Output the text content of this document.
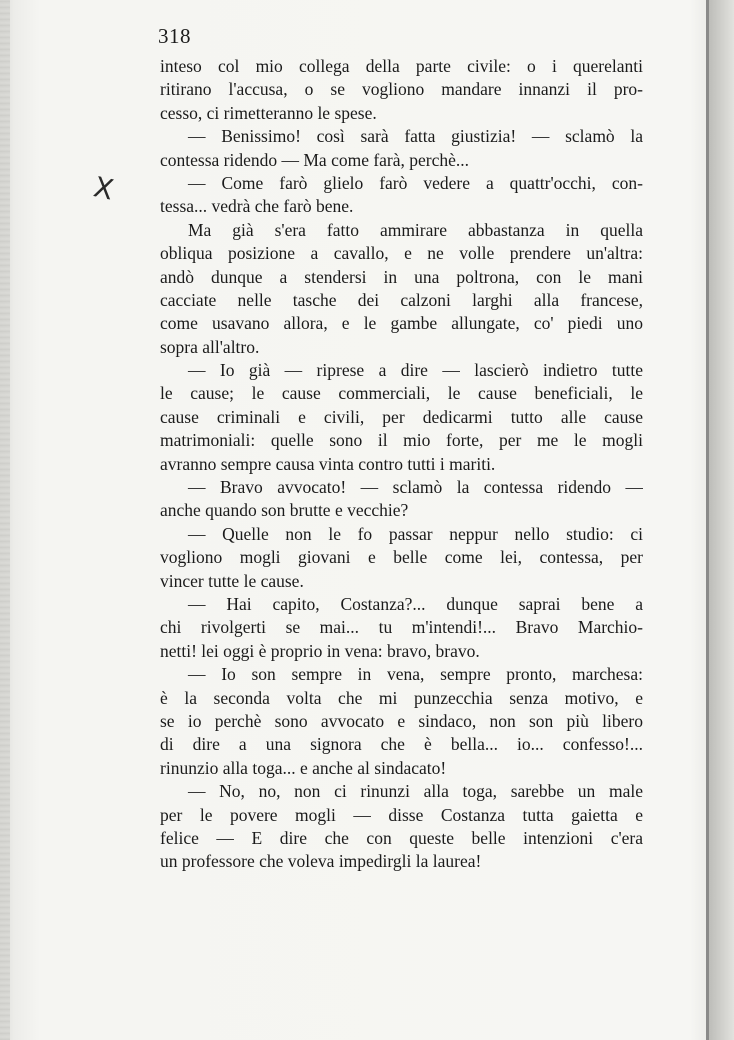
318
X
inteso col mio collega della parte civile: o i querelanti
ritirano l'accusa, o se vogliono mandare innanzi il pro-
cesso, ci rimetteranno le spese.
— Benissimo! così sarà fatta giustizia! — sclamò la
contessa ridendo — Ma come farà, perchè...
— Come farò glielo farò vedere a quattr'occhi, con-
tessa... vedrà che farò bene.
Ma già s'era fatto ammirare abbastanza in quella
obliqua posizione a cavallo, e ne volle prendere un'altra:
andò dunque a stendersi in una poltrona, con le mani
cacciate nelle tasche dei calzoni larghi alla francese,
come usavano allora, e le gambe allungate, co' piedi uno
sopra all'altro.
— Io già — riprese a dire — lascierò indietro tutte
le cause; le cause commerciali, le cause beneficiali, le
cause criminali e civili, per dedicarmi tutto alle cause
matrimoniali: quelle sono il mio forte, per me le mogli
avranno sempre causa vinta contro tutti i mariti.
— Bravo avvocato! — sclamò la contessa ridendo —
anche quando son brutte e vecchie?
— Quelle non le fo passar neppur nello studio: ci
vogliono mogli giovani e belle come lei, contessa, per
vincer tutte le cause.
— Hai capito, Costanza?... dunque saprai bene a
chi rivolgerti se mai... tu m'intendi!... Bravo Marchio-
netti! lei oggi è proprio in vena: bravo, bravo.
— Io son sempre in vena, sempre pronto, marchesa:
è la seconda volta che mi punzecchia senza motivo, e
se io perchè sono avvocato e sindaco, non son più libero
di dire a una signora che è bella... io... confesso!...
rinunzio alla toga... e anche al sindacato!
— No, no, non ci rinunzi alla toga, sarebbe un male
per le povere mogli — disse Costanza tutta gaietta e
felice — E dire che con queste belle intenzioni c'era
un professore che voleva impedirgli la laurea!
